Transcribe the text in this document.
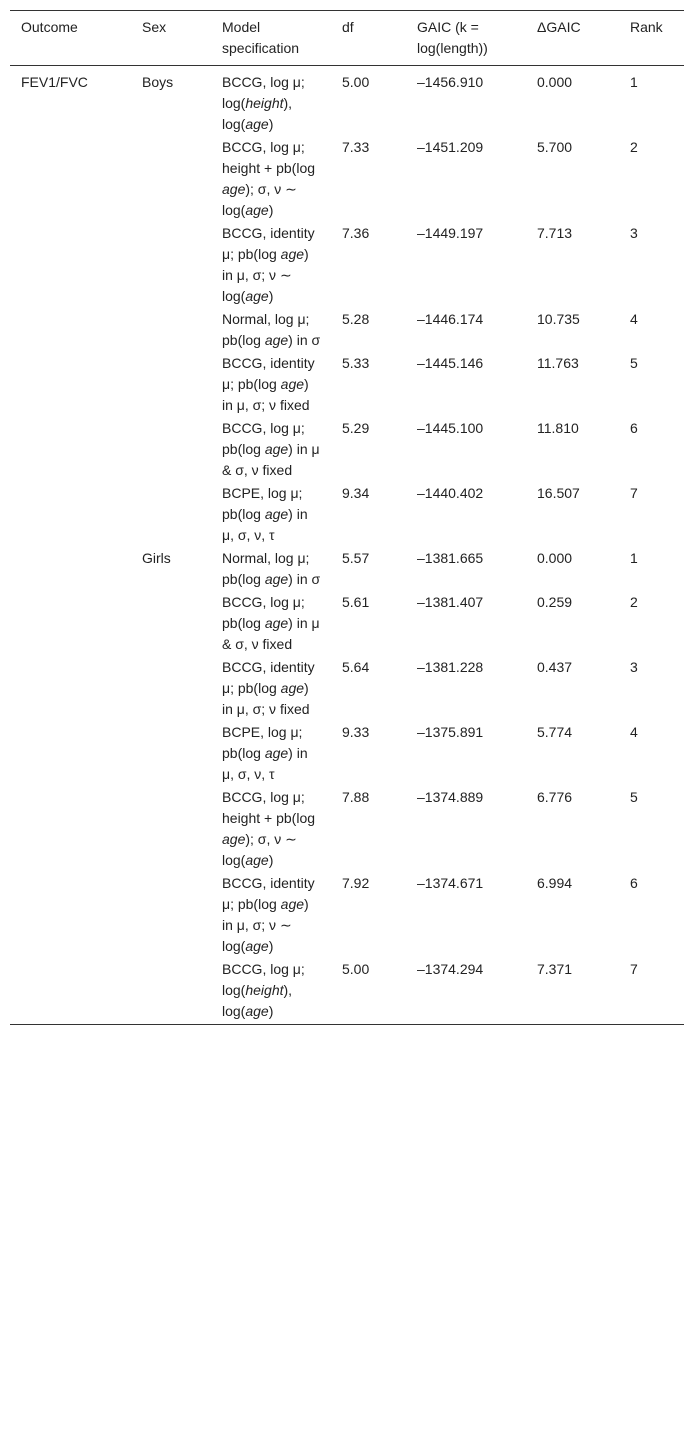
Outcome	Sex	Model specification	df	GAIC (k = log(length))	ΔGAIC	Rank
FEV1/FVC	Boys	BCCG, log μ; log(height), log(age)	5.00	–1456.910	0.000	1
		BCCG, log μ; height + pb(log age); σ, ν ∼ log(age)	7.33	–1451.209	5.700	2
		BCCG, identity μ; pb(log age) in μ, σ; ν ∼ log(age)	7.36	–1449.197	7.713	3
		Normal, log μ; pb(log age) in σ	5.28	–1446.174	10.735	4
		BCCG, identity μ; pb(log age) in μ, σ; ν fixed	5.33	–1445.146	11.763	5
		BCCG, log μ; pb(log age) in μ & σ, ν fixed	5.29	–1445.100	11.810	6
		BCPE, log μ; pb(log age) in μ, σ, ν, τ	9.34	–1440.402	16.507	7
	Girls	Normal, log μ; pb(log age) in σ	5.57	–1381.665	0.000	1
		BCCG, log μ; pb(log age) in μ & σ, ν fixed	5.61	–1381.407	0.259	2
		BCCG, identity μ; pb(log age) in μ, σ; ν fixed	5.64	–1381.228	0.437	3
		BCPE, log μ; pb(log age) in μ, σ, ν, τ	9.33	–1375.891	5.774	4
		BCCG, log μ; height + pb(log age); σ, ν ∼ log(age)	7.88	–1374.889	6.776	5
		BCCG, identity μ; pb(log age) in μ, σ; ν ∼ log(age)	7.92	–1374.671	6.994	6
		BCCG, log μ; log(height), log(age)	5.00	–1374.294	7.371	7
